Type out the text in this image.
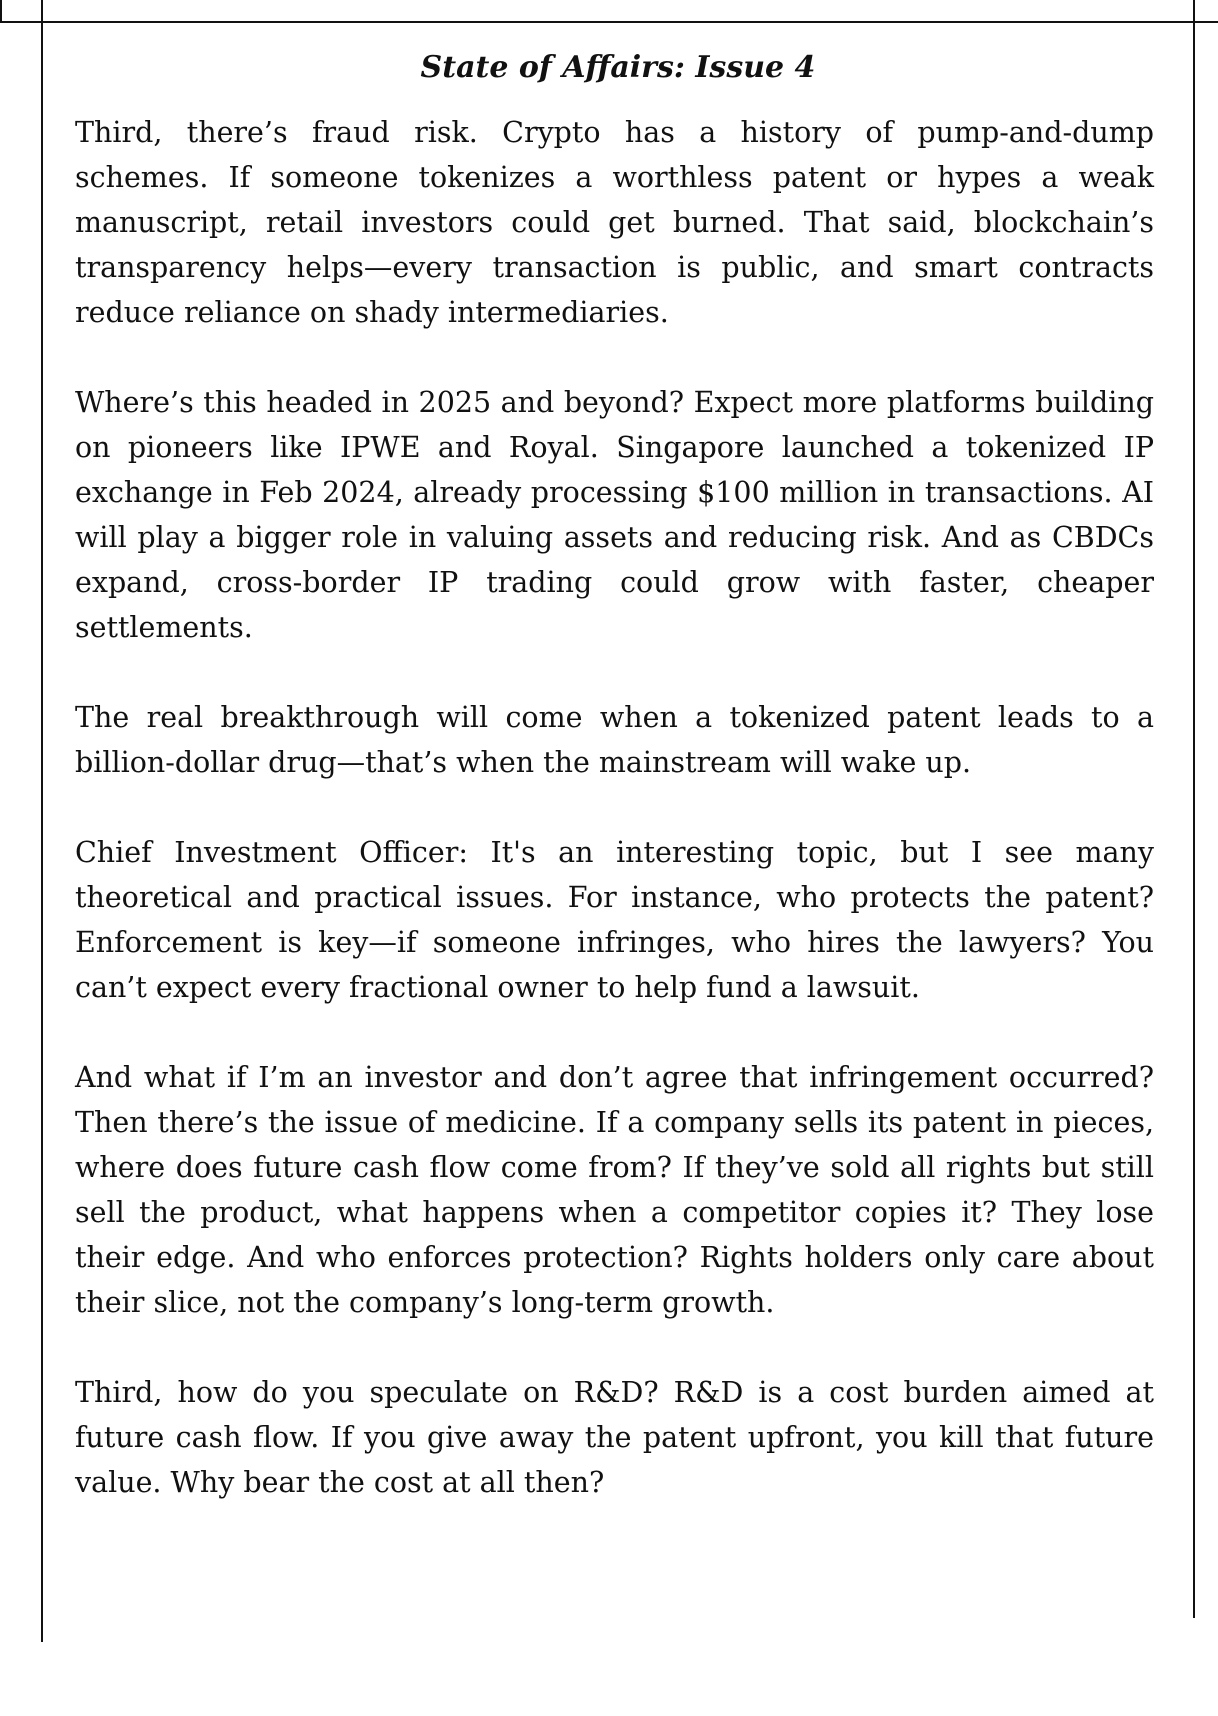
State of Affairs: Issue 4

Third, there’s fraud risk. Crypto has a history of pump-and-dump schemes. If someone tokenizes a worthless patent or hypes a weak manuscript, retail investors could get burned. That said, blockchain’s transparency helps—every transaction is public, and smart contracts reduce reliance on shady intermediaries.

Where’s this headed in 2025 and beyond? Expect more platforms building on pioneers like IPWE and Royal. Singapore launched a tokenized IP exchange in Feb 2024, already processing $100 million in transactions. AI will play a bigger role in valuing assets and reducing risk. And as CBDCs expand, cross-border IP trading could grow with faster, cheaper settlements.

The real breakthrough will come when a tokenized patent leads to a billion-dollar drug—that’s when the mainstream will wake up.

Chief Investment Officer: It's an interesting topic, but I see many theoretical and practical issues. For instance, who protects the patent? Enforcement is key—if someone infringes, who hires the lawyers? You can’t expect every fractional owner to help fund a lawsuit.

And what if I’m an investor and don’t agree that infringement occurred? Then there’s the issue of medicine. If a company sells its patent in pieces, where does future cash flow come from? If they’ve sold all rights but still sell the product, what happens when a competitor copies it? They lose their edge. And who enforces protection? Rights holders only care about their slice, not the company’s long-term growth.

Third, how do you speculate on R&D? R&D is a cost burden aimed at future cash flow. If you give away the patent upfront, you kill that future value. Why bear the cost at all then?
